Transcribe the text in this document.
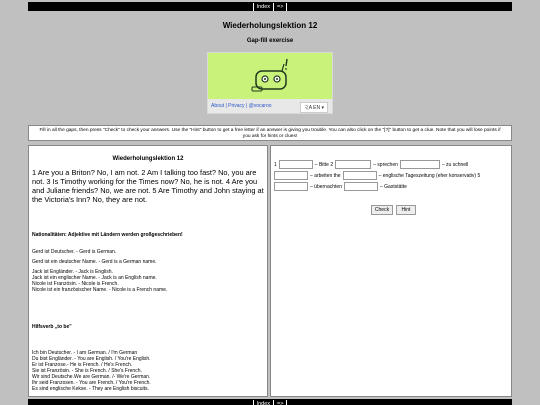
Index	=>
Wiederholungslektion 12
Gap-fill exercise
About | Privacy | @vocaroo	文A EN ▾
Fill in all the gaps, then press "Check" to check your answers. Use the "Hint" button to get a free letter if an answer is giving you trouble. You can also click on the "[?]" button to get a clue. Note that you will lose points if you ask for hints or clues!
Wiederholungslektion 12
1 Are you a Briton? No, I am not. 2 Am I talking too fast? No, you are not. 3 Is Timothy working for the Times now? No, he is not. 4 Are you and Juliane friends? No, we are not. 5 Are Timothy and John staying at the Victoria's Inn? No, they are not.
Nationalitäten: Adjektive mit Ländern werden großgeschrieben!
Gerd ist Deutscher. - Gerd is German.
Gerd ist ein deutscher Name. - Gerd is a German name.
Jack ist Engländer. - Jack is English.
Jack ist ein englischer Name. - Jack is an English name.
Nicole ist Französin. - Nicole is French.
Nicole ist ein französischer Name. - Nicole is a French name.
Hilfsverb „to be"
Ich bin Deutscher. - I am German. / I'm German
Du bist Engländer. - You are English. / You're English.
Er ist Franzose.- He is French. / He's French.
Sie ist Französin. - She is French. / She's French.
Wir sind Deutsche.We are German. /- We're German.
Ihr seid Franzosen. - You are French. / You're French.
Es sind englische Kekse. - They are English biscuits.
1	– Bitte 2	– sprechen	– zu schnell
– arbeiten the	– englische Tageszeitung (eher konservativ) 5
– übernachten	– Gaststätte
Check	Hint
Index	=>
